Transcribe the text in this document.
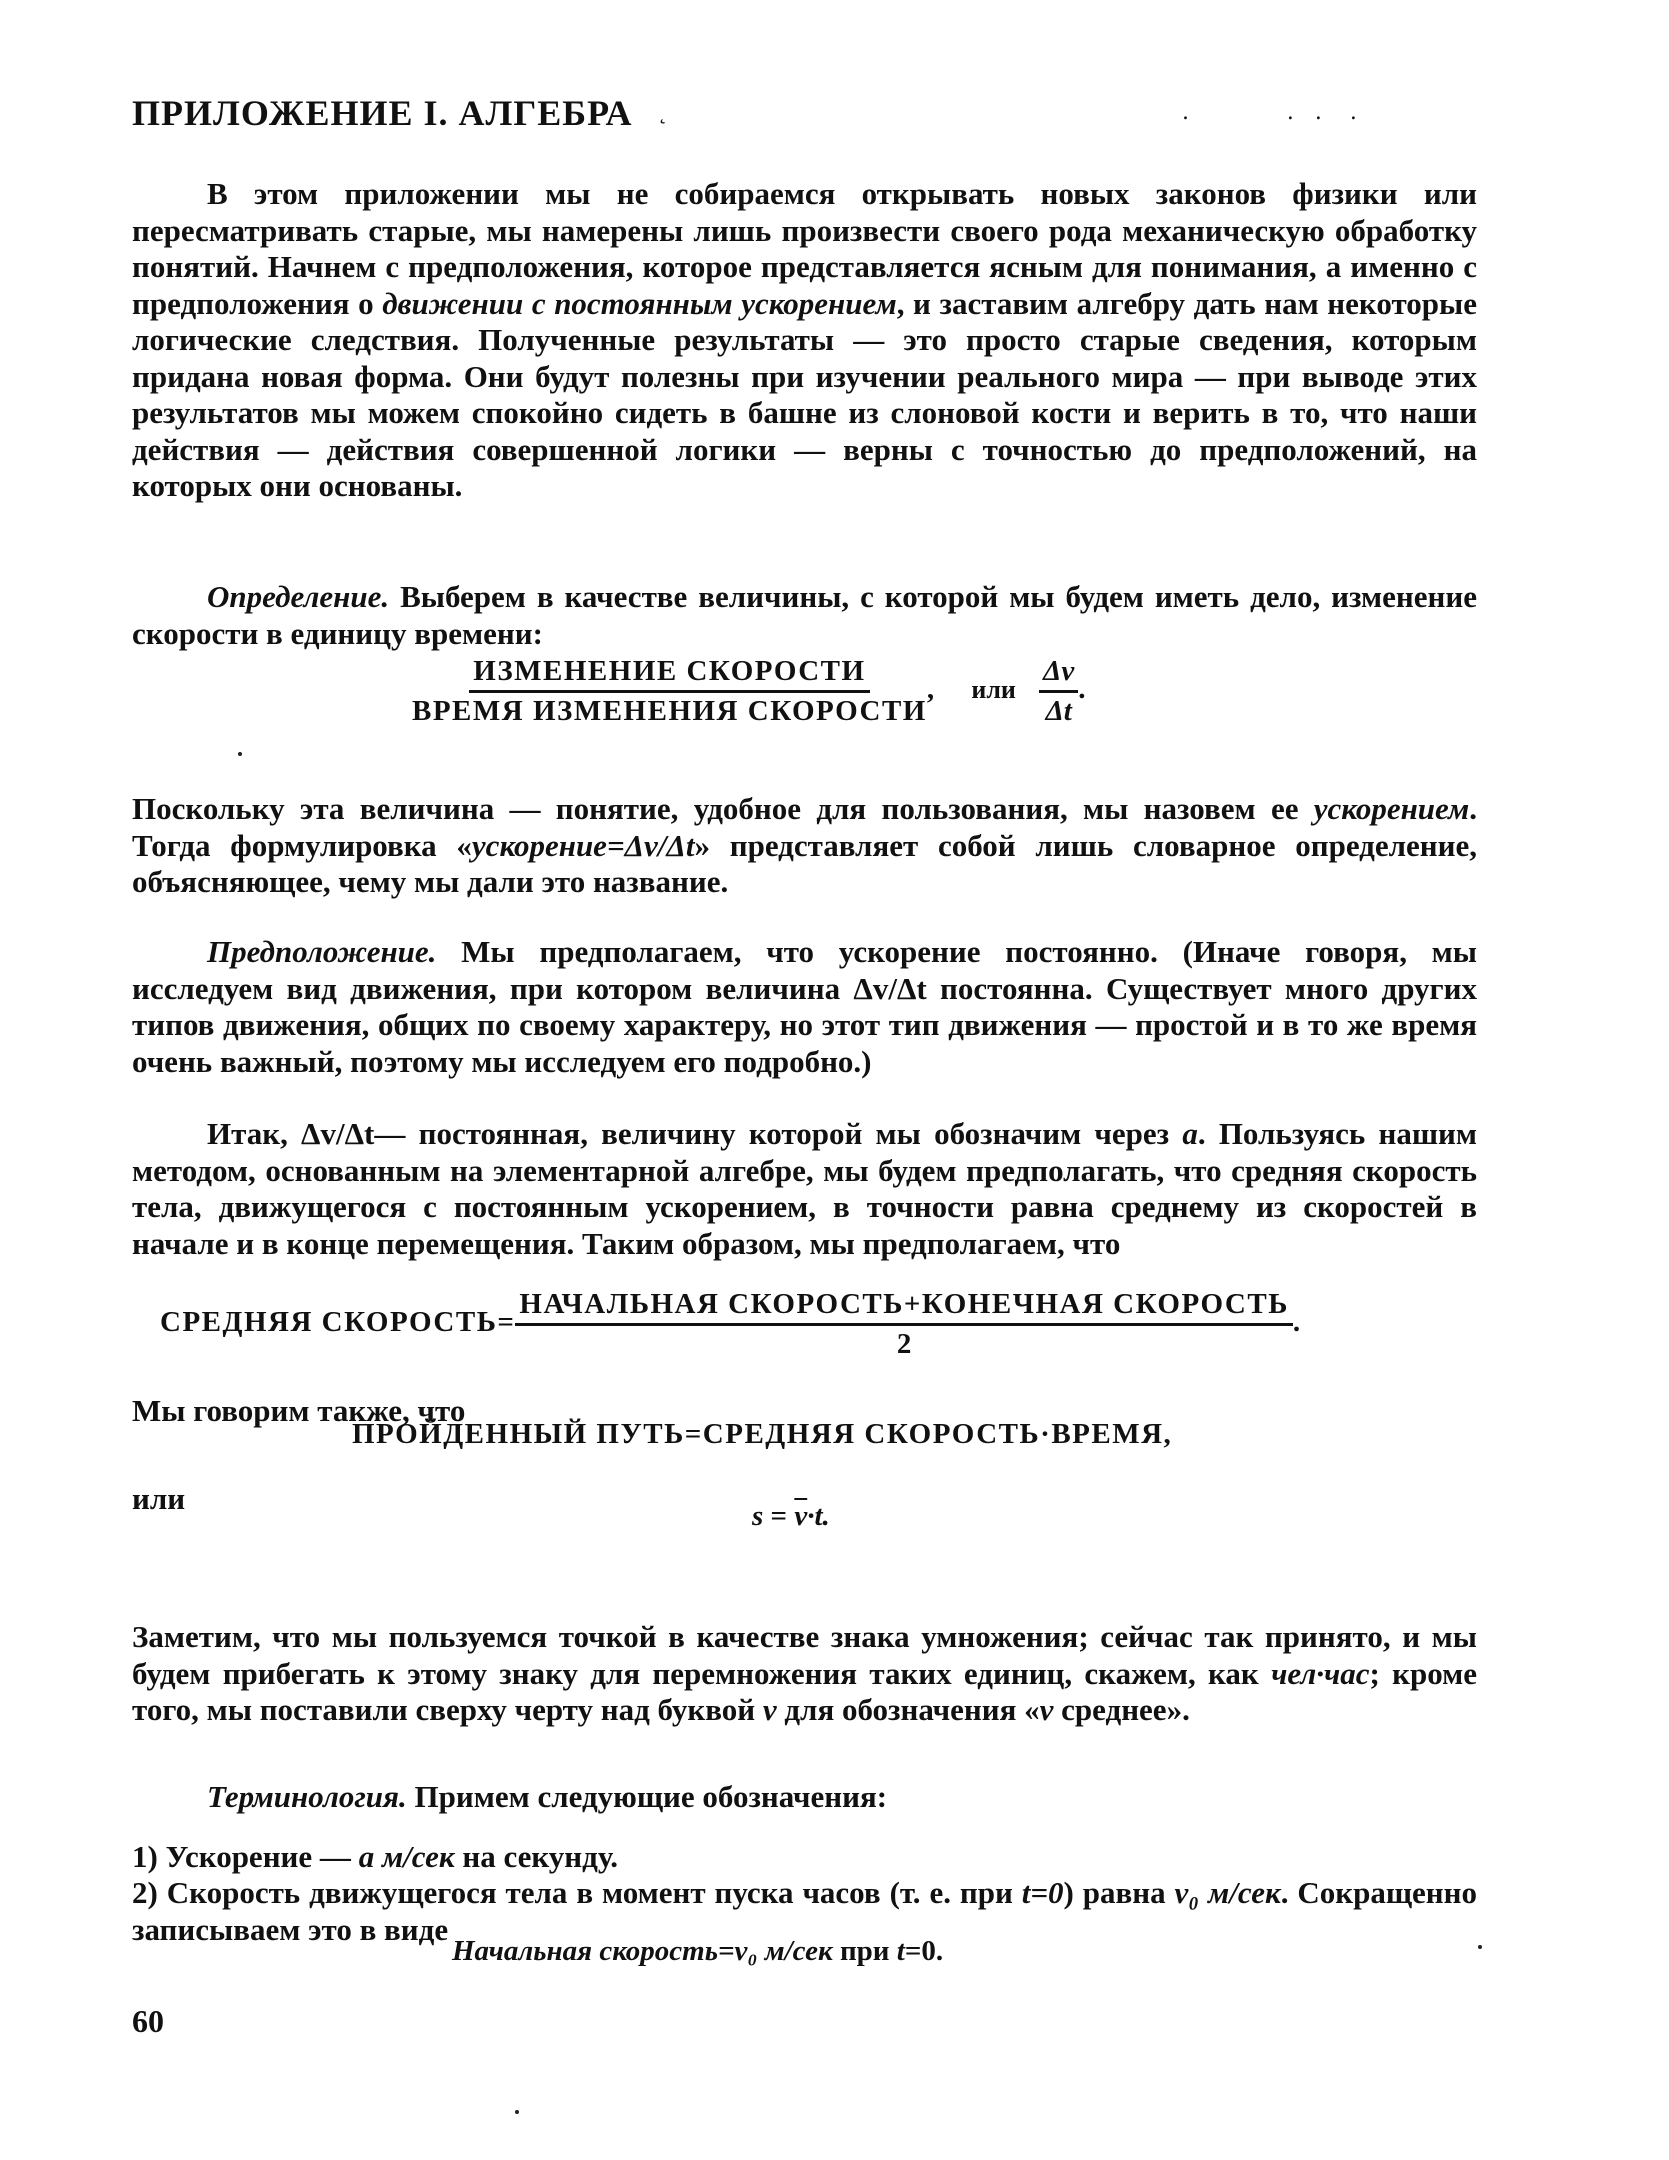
ПРИЛОЖЕНИЕ I. АЛГЕБРА ˛	.              .   .    .

В этом приложении мы не собираемся открывать новых законов физики или пересматривать старые, мы намерены лишь произвести своего рода механическую обработку понятий. Начнем с предположения, которое представляется ясным для понимания, а именно с предположения о движении с постоянным ускорением, и заставим алгебру дать нам некоторые логические следствия. Полученные результаты — это просто старые сведения, которым придана новая форма. Они будут полезны при изучении реального мира — при выводе этих результатов мы можем спокойно сидеть в башне из слоновой кости и верить в то, что наши действия — действия совершенной логики — верны с точностью до предположений, на которых они основаны.

Определение. Выберем в качестве величины, с которой мы будем иметь дело, изменение скорости в единицу времени:

$\frac{\text{ИЗМЕНЕНИЕ СКОРОСТИ}}{\text{ВРЕМЯ ИЗМЕНЕНИЯ СКОРОСТИ}}$ , или $\frac{\Delta v}{\Delta t}$ .

Поскольку эта величина — понятие, удобное для пользования, мы назовем ее ускорением. Тогда формулировка «ускорение=Δv/Δt» представляет собой лишь словарное определение, объясняющее, чему мы дали это название.

Предположение. Мы предполагаем, что ускорение постоянно. (Иначе говоря, мы исследуем вид движения, при котором величина Δv/Δt постоянна. Существует много других типов движения, общих по своему характеру, но этот тип движения — простой и в то же время очень важный, поэтому мы исследуем его подробно.)

Итак, Δv/Δt— постоянная, величину которой мы обозначим через a. Пользуясь нашим методом, основанным на элементарной алгебре, мы будем предполагать, что средняя скорость тела, движущегося с постоянным ускорением, в точности равна среднему из скоростей в начале и в конце перемещения. Таким образом, мы предполагаем, что

СРЕДНЯЯ СКОРОСТЬ= $\frac{\text{НАЧАЛЬНАЯ СКОРОСТЬ+КОНЕЧНАЯ СКОРОСТЬ}}{2}$ .

Мы говорим также, что

ПРОЙДЕННЫЙ ПУТЬ=СРЕДНЯЯ СКОРОСТЬ·ВРЕМЯ,

или	$s = \overline{v}\cdot t$.

Заметим, что мы пользуемся точкой в качестве знака умножения; сейчас так принято, и мы будем прибегать к этому знаку для перемножения таких единиц, скажем, как чел·час; кроме того, мы поставили сверху черту над буквой v для обозначения «v среднее».

Терминология. Примем следующие обозначения:

1) Ускорение — a м/сек на секунду.

2) Скорость движущегося тела в момент пуска часов (т. е. при t=0) равна v₀ м/сек. Сокращенно записываем это в виде

Начальная скорость=v₀ м/сек при t=0.
60
